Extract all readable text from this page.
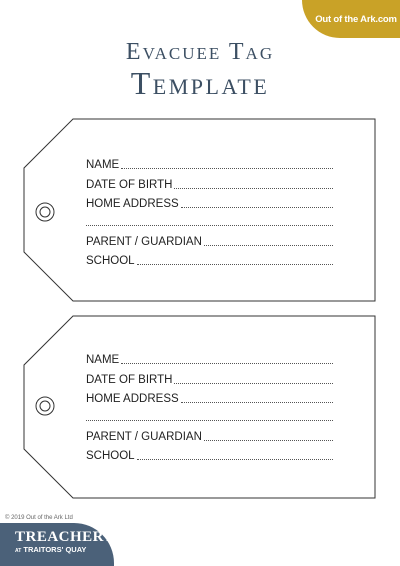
Out of the Ark.com
Evacuee Tag
Template
NAME
DATE OF BIRTH
HOME ADDRESS
PARENT / GUARDIAN
SCHOOL
NAME
DATE OF BIRTH
HOME ADDRESS
PARENT / GUARDIAN
SCHOOL
© 2019 Out of the Ark Ltd
TREACHERY
AT TRAITORS' QUAY
